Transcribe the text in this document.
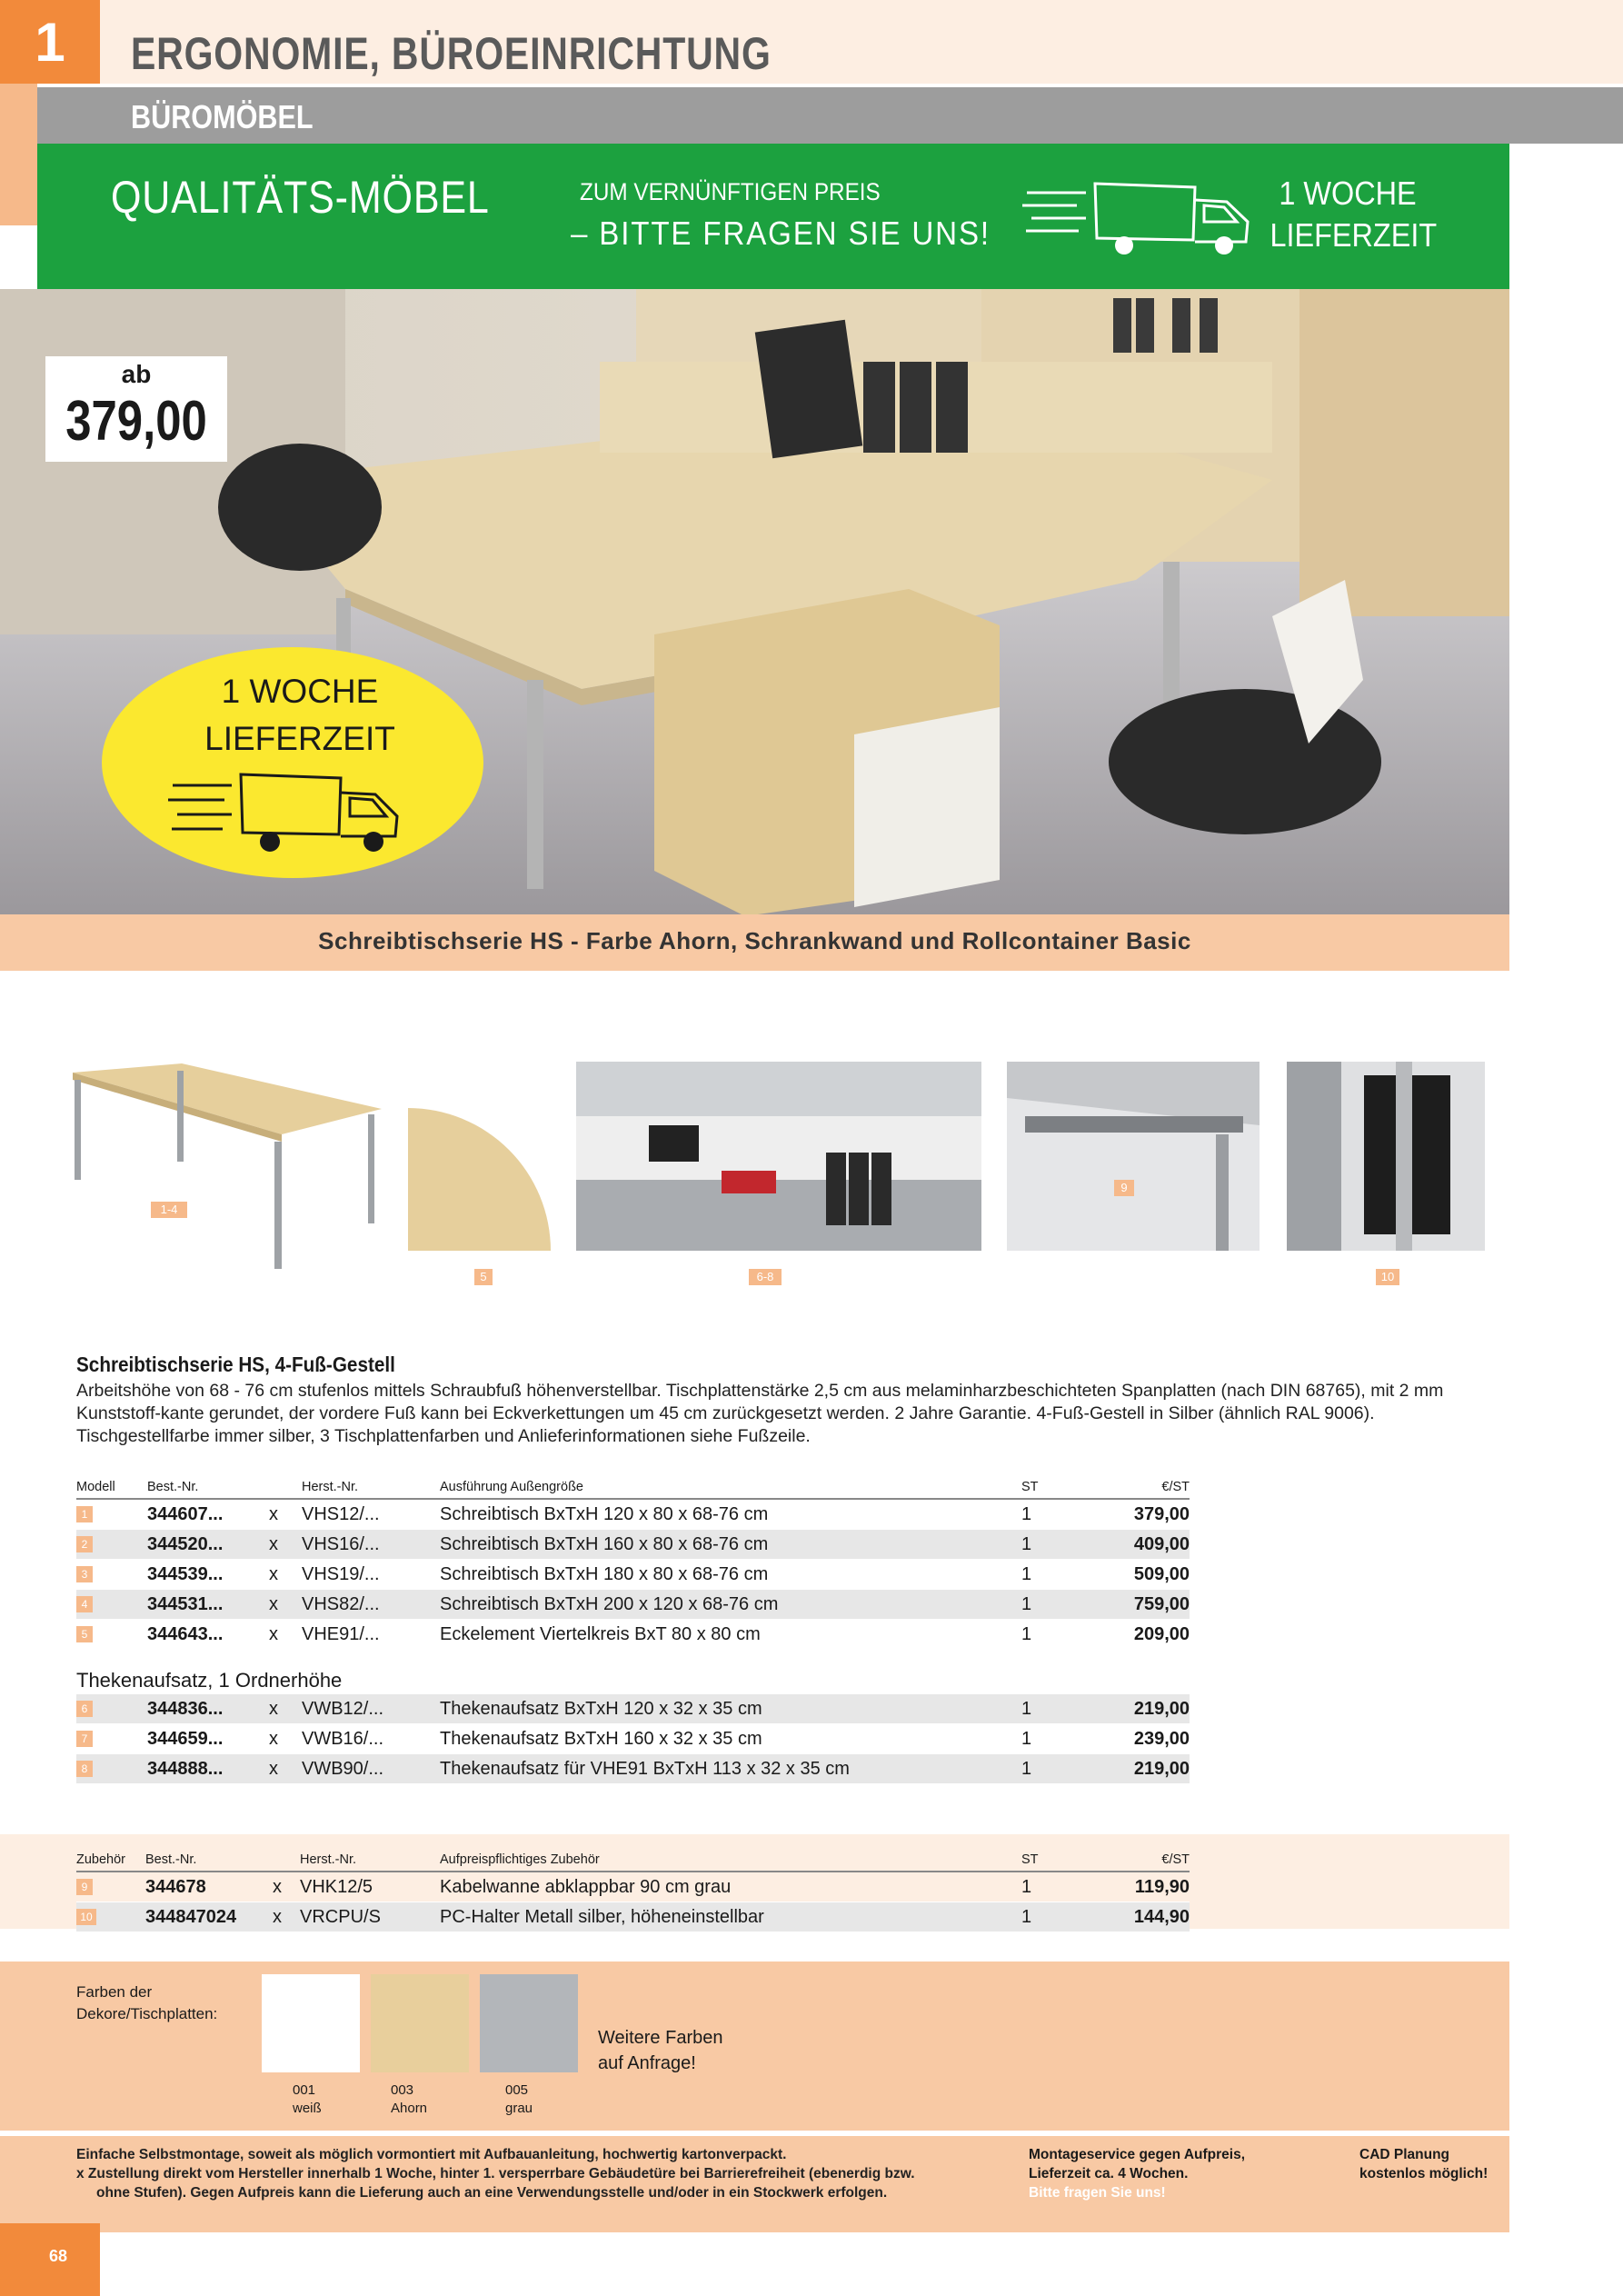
1	ERGONOMIE, BÜROEINRICHTUNG
BÜROMÖBEL
QUALITÄTS-MÖBEL	ZUM VERNÜNFTIGEN PREIS
– BITTE FRAGEN SIE UNS!
1 WOCHE
LIEFERZEIT
ab
379,00
1 WOCHE
LIEFERZEIT
Schreibtischserie HS - Farbe Ahorn, Schrankwand und Rollcontainer Basic
1-4
5	6-8
9
10
Schreibtischserie HS, 4-Fuß-Gestell
Arbeitshöhe von 68 - 76 cm stufenlos mittels Schraubfuß höhenverstellbar. Tischplattenstärke 2,5 cm aus melaminharzbeschichteten Spanplatten (nach DIN 68765), mit 2 mm Kunststoff-kante gerundet, der vordere Fuß kann bei Eckverkettungen um 45 cm zurückgesetzt werden. 2 Jahre Garantie. 4-Fuß-Gestell in Silber (ähnlich RAL 9006). Tischgestellfarbe immer silber, 3 Tischplattenfarben und Anlieferinformationen siehe Fußzeile.
Modell	Best.-Nr.		Herst.-Nr.	Ausführung Außengröße	ST	€/ST
1	344607...	x	VHS12/...	Schreibtisch BxTxH 120 x 80 x 68-76 cm	1	379,00
2	344520...	x	VHS16/...	Schreibtisch BxTxH 160 x 80 x 68-76 cm	1	409,00
3	344539...	x	VHS19/...	Schreibtisch BxTxH 180 x 80 x 68-76 cm	1	509,00
4	344531...	x	VHS82/...	Schreibtisch BxTxH 200 x 120 x 68-76 cm	1	759,00
5	344643...	x	VHE91/...	Eckelement Viertelkreis BxT 80 x 80 cm	1	209,00
Thekenaufsatz, 1 Ordnerhöhe
6	344836...	x	VWB12/...	Thekenaufsatz BxTxH 120 x 32 x 35 cm	1	219,00
7	344659...	x	VWB16/...	Thekenaufsatz BxTxH 160 x 32 x 35 cm	1	239,00
8	344888...	x	VWB90/...	Thekenaufsatz für VHE91 BxTxH 113 x 32 x 35 cm	1	219,00
Zubehör	Best.-Nr.		Herst.-Nr.	Aufpreispflichtiges Zubehör	ST	€/ST
9	344678	x	VHK12/5	Kabelwanne abklappbar 90 cm grau	1	119,90
10	344847024	x	VRCPU/S	PC-Halter Metall silber, höheneinstellbar	1	144,90
Farben der
Dekore/Tischplatten:
001
weiß
003
Ahorn
005
grau
Weitere Farben
auf Anfrage!
Einfache Selbstmontage, soweit als möglich vormontiert mit Aufbauanleitung, hochwertig kartonverpackt.
x Zustellung direkt vom Hersteller innerhalb 1 Woche, hinter 1. versperrbare Gebäudetüre bei Barrierefreiheit (ebenerdig bzw.
ohne Stufen). Gegen Aufpreis kann die Lieferung auch an eine Verwendungsstelle und/oder in ein Stockwerk erfolgen.
Montageservice gegen Aufpreis,
Lieferzeit ca. 4 Wochen.
Bitte fragen Sie uns!
CAD Planung
kostenlos möglich!
68
